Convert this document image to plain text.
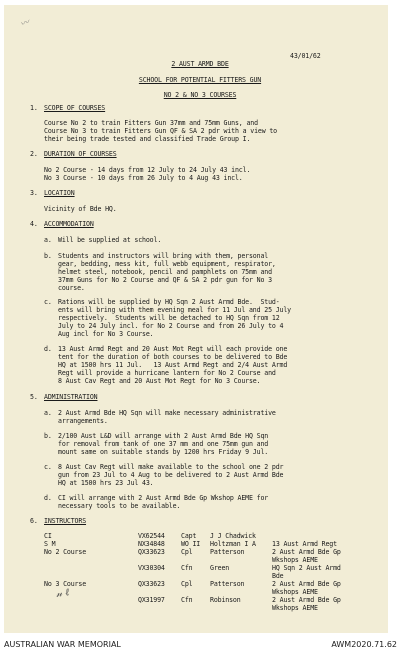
〰
43/01/62
2 AUST ARMD BDE
SCHOOL FOR POTENTIAL FITTERS GUN
NO 2 & NO 3 COURSES
1. SCOPE OF COURSES
Course No 2 to train Fitters Gun 37mm and 75mm Guns, and
Course No 3 to train Fitters Gun QF & SA 2 pdr with a view to
their being trade tested and classified Trade Group I.
2. DURATION OF COURSES
No 2 Course - 14 days from 12 July to 24 July 43 incl.
No 3 Course - 10 days from 26 July to 4 Aug 43 incl.
3. LOCATION
Vicinity of Bde HQ.
4. ACCOMMODATION
a. Will be supplied at school.
b. Students and instructors will bring with them, personal
gear, bedding, mess kit, full webb equipment, respirator,
helmet steel, notebook, pencil and pamphlets on 75mm and
37mm Guns for No 2 Course and QF & SA 2 pdr gun for No 3
course.
c. Rations will be supplied by HQ Sqn 2 Aust Armd Bde.  Stud-
ents will bring with them evening meal for 11 Jul and 25 July
respectively.  Students will be detached to HQ Sqn from 12
July to 24 July incl. for No 2 Course and from 26 July to 4
Aug incl for No 3 Course.
d. 13 Aust Armd Regt and 20 Aust Mot Regt will each provide one
tent for the duration of both courses to be delivered to Bde
HQ at 1500 hrs 11 Jul.   13 Aust Armd Regt and 2/4 Aust Armd
Regt will provide a hurricane lantern for No 2 Course and
8 Aust Cav Regt and 20 Aust Mot Regt for No 3 Course.
5. ADMINISTRATION
a. 2 Aust Armd Bde HQ Sqn will make necessary administrative
arrangements.
b. 2/100 Aust L&D will arrange with 2 Aust Armd Bde HQ Sqn
for removal from tank of one 37 mm and one 75mm gun and
mount same on suitable stands by 1200 hrs Friday 9 Jul.
c. 8 Aust Cav Regt will make available to the school one 2 pdr
gun from 23 Jul to 4 Aug to be delivered to 2 Aust Armd Bde
HQ at 1500 hrs 23 Jul 43.
d. CI will arrange with 2 Aust Armd Bde Gp Wkshop AEME for
necessary tools to be available.
6. INSTRUCTORS
CI	VX62544 Capt J J Chadwick
S M	NX34848 WO II Holtzman I A 13 Aust Armd Regt
No 2 Course	QX33623 Cpl	Patterson	2 Aust Armd Bde Gp
Wkshops AEME
VX30304 Cfn	Green	HQ Sqn 2 Aust Armd
Bde
No 3 Course	QX33623 Cpl	Patterson	2 Aust Armd Bde Gp
Wkshops AEME
QX31997 Cfn	Robinson	2 Aust Armd Bde Gp
Wkshops AEME
𝓃 ℓ
AUSTRALIAN WAR MEMORIAL	AWM2020.71.62
